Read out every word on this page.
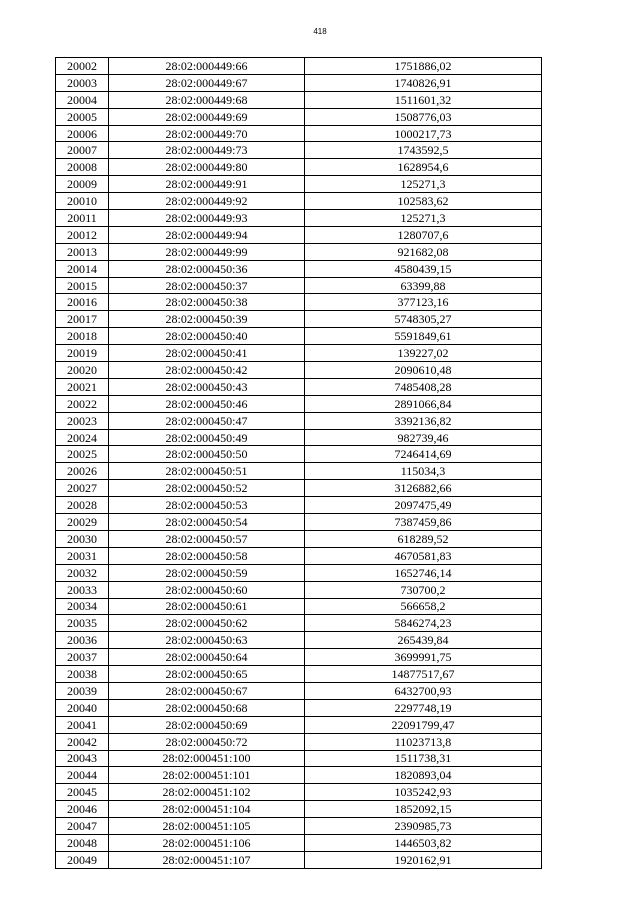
418
20002	28:02:000449:66	1751886,02
20003	28:02:000449:67	1740826,91
20004	28:02:000449:68	1511601,32
20005	28:02:000449:69	1508776,03
20006	28:02:000449:70	1000217,73
20007	28:02:000449:73	1743592,5
20008	28:02:000449:80	1628954,6
20009	28:02:000449:91	125271,3
20010	28:02:000449:92	102583,62
20011	28:02:000449:93	125271,3
20012	28:02:000449:94	1280707,6
20013	28:02:000449:99	921682,08
20014	28:02:000450:36	4580439,15
20015	28:02:000450:37	63399,88
20016	28:02:000450:38	377123,16
20017	28:02:000450:39	5748305,27
20018	28:02:000450:40	5591849,61
20019	28:02:000450:41	139227,02
20020	28:02:000450:42	2090610,48
20021	28:02:000450:43	7485408,28
20022	28:02:000450:46	2891066,84
20023	28:02:000450:47	3392136,82
20024	28:02:000450:49	982739,46
20025	28:02:000450:50	7246414,69
20026	28:02:000450:51	115034,3
20027	28:02:000450:52	3126882,66
20028	28:02:000450:53	2097475,49
20029	28:02:000450:54	7387459,86
20030	28:02:000450:57	618289,52
20031	28:02:000450:58	4670581,83
20032	28:02:000450:59	1652746,14
20033	28:02:000450:60	730700,2
20034	28:02:000450:61	566658,2
20035	28:02:000450:62	5846274,23
20036	28:02:000450:63	265439,84
20037	28:02:000450:64	3699991,75
20038	28:02:000450:65	14877517,67
20039	28:02:000450:67	6432700,93
20040	28:02:000450:68	2297748,19
20041	28:02:000450:69	22091799,47
20042	28:02:000450:72	11023713,8
20043	28:02:000451:100	1511738,31
20044	28:02:000451:101	1820893,04
20045	28:02:000451:102	1035242,93
20046	28:02:000451:104	1852092,15
20047	28:02:000451:105	2390985,73
20048	28:02:000451:106	1446503,82
20049	28:02:000451:107	1920162,91
